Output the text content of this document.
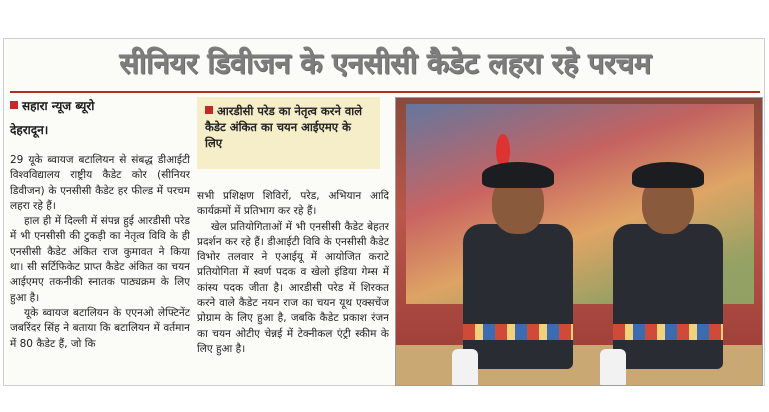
सीनियर डिवीजन के एनसीसी कैडेट लहरा रहे परचम
सहारा न्यूज ब्यूरो
देहरादून।

29 यूके ब्वायज बटालियन से संबद्ध डीआईटी विश्वविद्यालय राष्ट्रीय कैडेट कोर (सीनियर डिवीजन) के एनसीसी कैडेट हर फील्ड में परचम लहरा रहे हैं।

हाल ही में दिल्ली में संपन्न हुई आरडीसी परेड में भी एनसीसी की टुकड़ी का नेतृत्व विवि के ही एनसीसी कैडेट अंकित राज कुमावत ने किया था। सी सर्टिफिकेट प्राप्त कैडेट अंकित का चयन आईएमए तकनीकी स्नातक पाठ्यक्रम के लिए हुआ है।

यूके ब्वायज बटालियन के एएनओ लेफ्टिनेंट जबरिंदर सिंह ने बताया कि बटालियन में वर्तमान में 80 कैडेट हैं, जो कि

आरडीसी परेड का नेतृत्व करने वाले कैडेट अंकित का चयन आईएमए के लिए

सभी प्रशिक्षण शिविरों, परेड, अभियान आदि कार्यक्रमों में प्रतिभाग कर रहे हैं।

खेल प्रतियोगिताओं में भी एनसीसी कैडेट बेहतर प्रदर्शन कर रहे हैं। डीआईटी विवि के एनसीसी कैडेट विभोर तलवार ने एआईयू में आयोजित कराटे प्रतियोगिता में स्वर्ण पदक व खेलो इंडिया गेम्स में कांस्य पदक जीता है। आरडीसी परेड में शिरकत करने वाले कैडेट नयन राज का चयन यूथ एक्सचेंज प्रोग्राम के लिए हुआ है, जबकि कैडेट प्रकाश रंजन का चयन ओटीए चेन्नई में टेक्नीकल एंट्री स्कीम के लिए हुआ है।
